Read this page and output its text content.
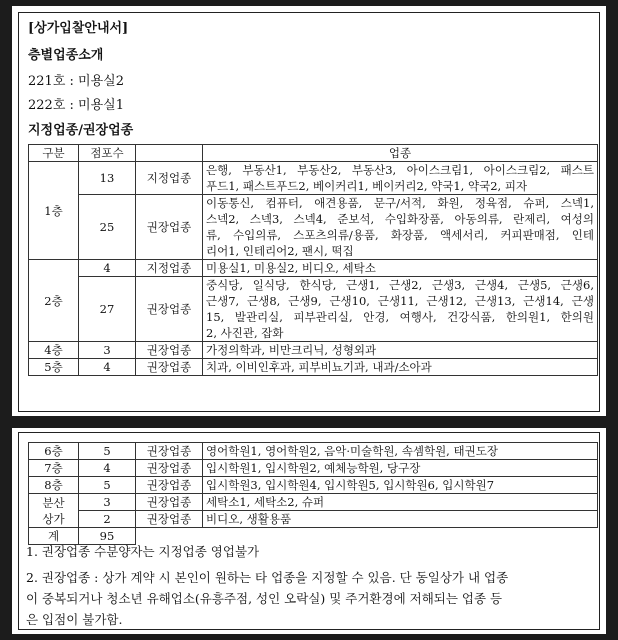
[상가입찰안내서]
층별업종소개
221호 : 미용실2
222호 : 미용실1
지정업종/권장업종
구분	점포수		업종
1층	13	지정업종	은행, 부동산1, 부동산2, 부동산3, 아이스크림1, 아이스크림2, 패스트
푸드1, 패스트푸드2, 베이커리1, 베이커리2, 약국1, 약국2, 피자

	25	권장업종	이동통신, 컴퓨터, 애견용품, 문구/서적, 화원, 정육점, 슈퍼, 스넥1,
스넥2, 스넥3, 스넥4, 준보석, 수입화장품, 아동의류, 란제리, 여성의
류, 수입의류, 스포츠의류/용품, 화장품, 액세서리, 커피판매점, 인테
리어1, 인테리어2, 팬시, 떡집

2층	4	지정업종	미용실1, 미용실2, 비디오, 세탁소

	27	권장업종	중식당, 일식당, 한식당, 근생1, 근생2, 근생3, 근생4, 근생5, 근생6,
근생7, 근생8, 근생9, 근생10, 근생11, 근생12, 근생13, 근생14, 근생
15, 발관리실, 피부관리실, 안경, 여행사, 건강식품, 한의원1, 한의원
2, 사진관, 잡화

4층	3	권장업종	가정의학과, 비만크리닉, 성형외과

5층	4	권장업종	치과, 이비인후과, 피부비뇨기과, 내과/소아과
6층	5	권장업종	영어학원1, 영어학원2, 음악·미술학원, 속셈학원, 태권도장
7층	4	권장업종	입시학원1, 입시학원2, 예체능학원, 당구장
8층	5	권장업종	입시학원3, 입시학원4, 입시학원5, 입시학원6, 입시학원7

분산
상가	3	권장업종	세탁소1, 세탁소2, 슈퍼
	2	권장업종	비디오, 생활용품
계	95		
1. 권장업종 수분양자는 지정업종 영업불가
2. 권장업종 : 상가 계약 시 본인이 원하는 타 업종을 지정할 수 있음. 단 동일상가 내 업종
이 중복되거나 청소년 유해업소(유흥주점, 성인 오락실) 및 주거환경에 저해되는 업종 등
은 입점이 불가함.
